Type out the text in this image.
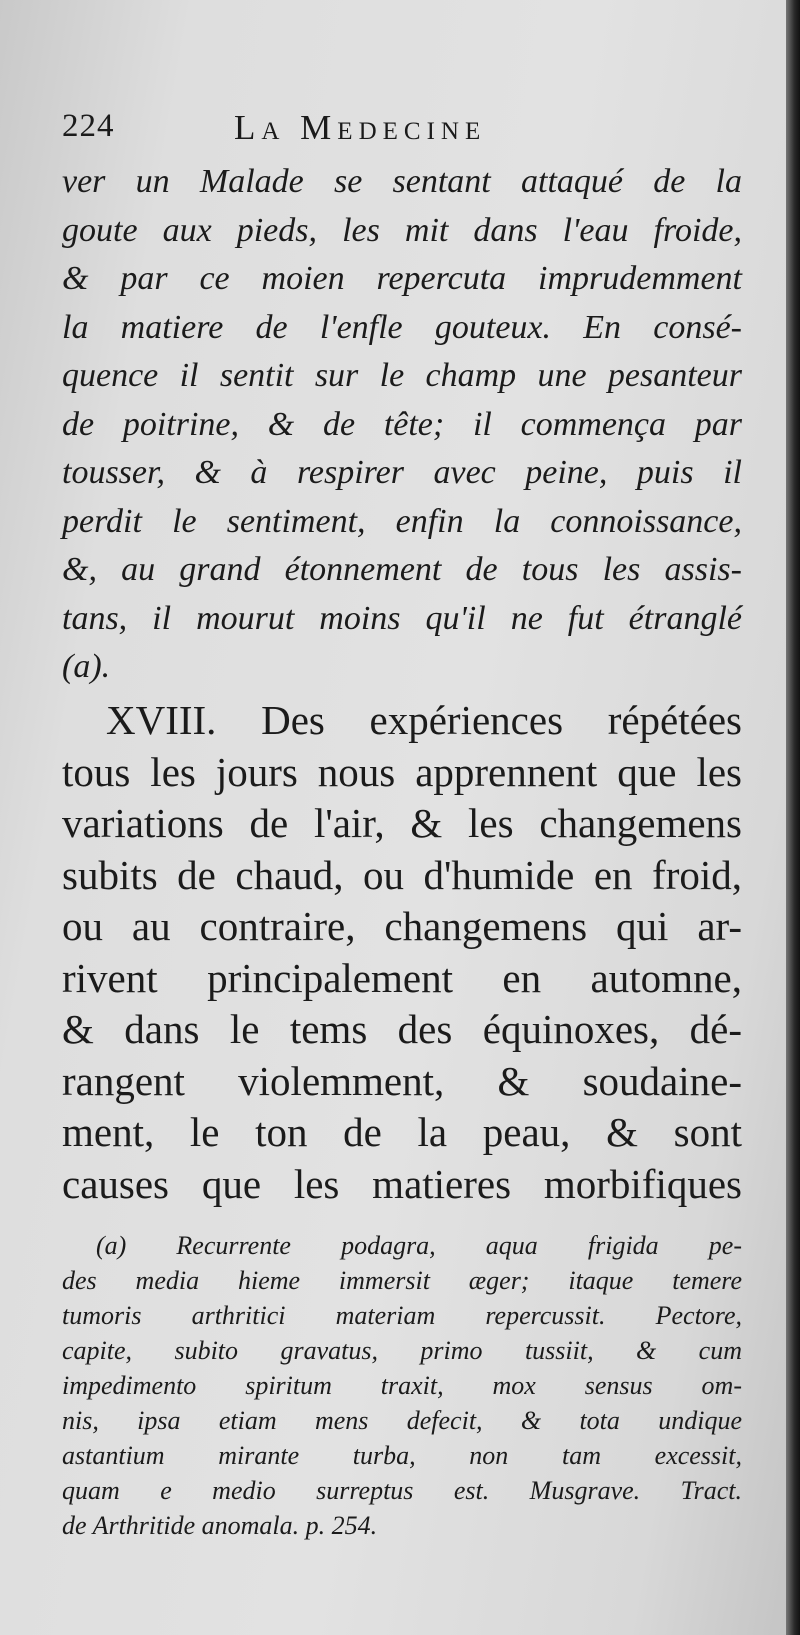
224	La Medecine
ver un Malade se sentant attaqué de la
goute aux pieds, les mit dans l'eau froide,
& par ce moien repercuta imprudemment
la matiere de l'enfle gouteux. En consé-
quence il sentit sur le champ une pesanteur
de poitrine, & de tête; il commença par
tousser, & à respirer avec peine, puis il
perdit le sentiment, enfin la connoissance,
&, au grand étonnement de tous les assis-
tans, il mourut moins qu'il ne fut étranglé
(a).
XVIII. Des expériences répétées
tous les jours nous apprennent que les
variations de l'air, & les changemens
subits de chaud, ou d'humide en froid,
ou au contraire, changemens qui ar-
rivent principalement en automne,
& dans le tems des équinoxes, dé-
rangent violemment, & soudaine-
ment, le ton de la peau, & sont
causes que les matieres morbifiques
(a) Recurrente podagra, aqua frigida pe-
des media hieme immersit æger; itaque temere
tumoris arthritici materiam repercussit. Pectore,
capite, subito gravatus, primo tussiit, & cum
impedimento spiritum traxit, mox sensus om-
nis, ipsa etiam mens defecit, & tota undique
astantium mirante turba, non tam excessit,
quam e medio surreptus est. Musgrave. Tract.
de Arthritide anomala. p. 254.
